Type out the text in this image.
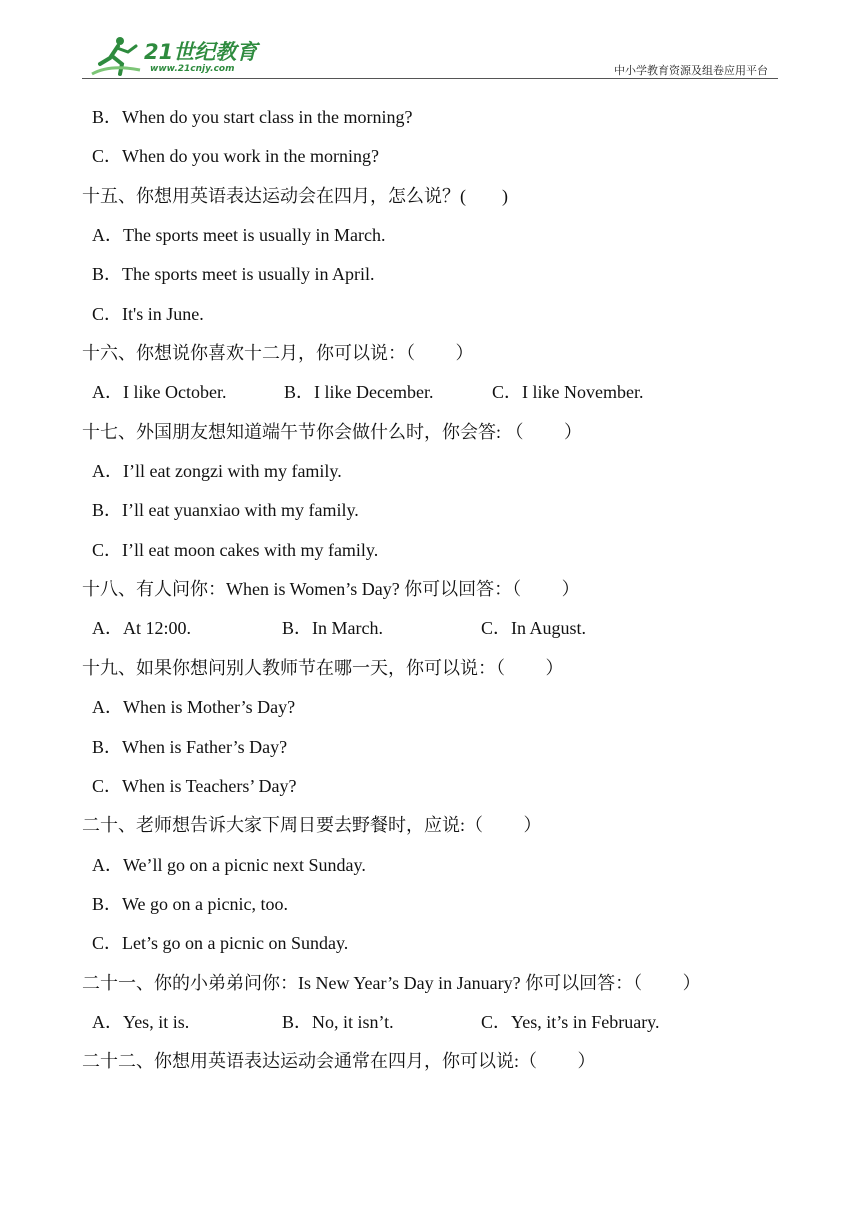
21世纪教育
www.21cnjy.com	中小学教育资源及组卷应用平台
B．When do you start class in the morning?
C．When do you work in the morning?
十五、你想用英语表达运动会在四月，怎么说？(　　)
A．The sports meet is usually in March.
B．The sports meet is usually in April.
C．It's in June.
十六、你想说你喜欢十二月，你可以说：（　　 ）
A．I like October.	B．I like December.	C．I like November.
十七、外国朋友想知道端午节你会做什么时，你会答: （　　 ）
A．I’ll eat zongzi with my family.
B．I’ll eat yuanxiao with my family.
C．I’ll eat moon cakes with my family.
十八、有人问你：When is Women’s Day? 你可以回答：（　　 ）
A．At 12:00.	B．In March.	C．In August.
十九、如果你想问别人教师节在哪一天，你可以说：（　　 ）
A．When is Mother’s Day?
B．When is Father’s Day?
C．When is Teachers’ Day?
二十、老师想告诉大家下周日要去野餐时，应说:（　　 ）
A．We’ll go on a picnic next Sunday.
B．We go on a picnic, too.
C．Let’s go on a picnic on Sunday.
二十一、你的小弟弟问你：Is New Year’s Day in January? 你可以回答：（　　 ）
A．Yes, it is.	B．No, it isn’t.	C．Yes, it’s in February.
二十二、你想用英语表达运动会通常在四月，你可以说:（　　 ）
